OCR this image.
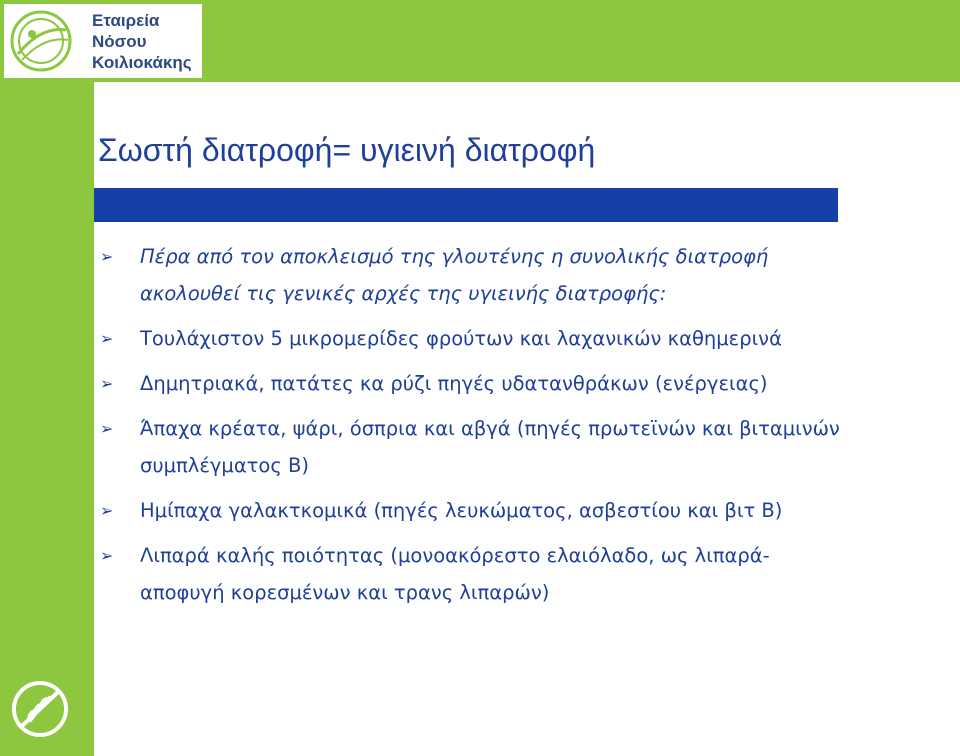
Εταιρεία
Νόσου
Κοιλιοκάκης
Σωστή διατροφή= υγιεινή διατροφή
➢	Πέρα από τον αποκλεισμό της γλουτένης η συνολικής διατροφή
ακολουθεί τις γενικές αρχές της υγιεινής διατροφής:
➢	Τουλάχιστον 5 μικρομερίδες φρούτων και λαχανικών καθημερινά
➢	Δημητριακά, πατάτες κα ρύζι πηγές υδατανθράκων (ενέργειας)
➢	Άπαχα κρέατα, ψάρι, όσπρια και αβγά (πηγές πρωτεϊνών και βιταμινών
συμπλέγματος Β)
➢	Ημίπαχα γαλακτκομικά (πηγές λευκώματος, ασβεστίου και βιτ Β)
➢	Λιπαρά καλής ποιότητας (μονοακόρεστο ελαιόλαδο, ως λιπαρά-
αποφυγή κορεσμένων και τρανς λιπαρών)
